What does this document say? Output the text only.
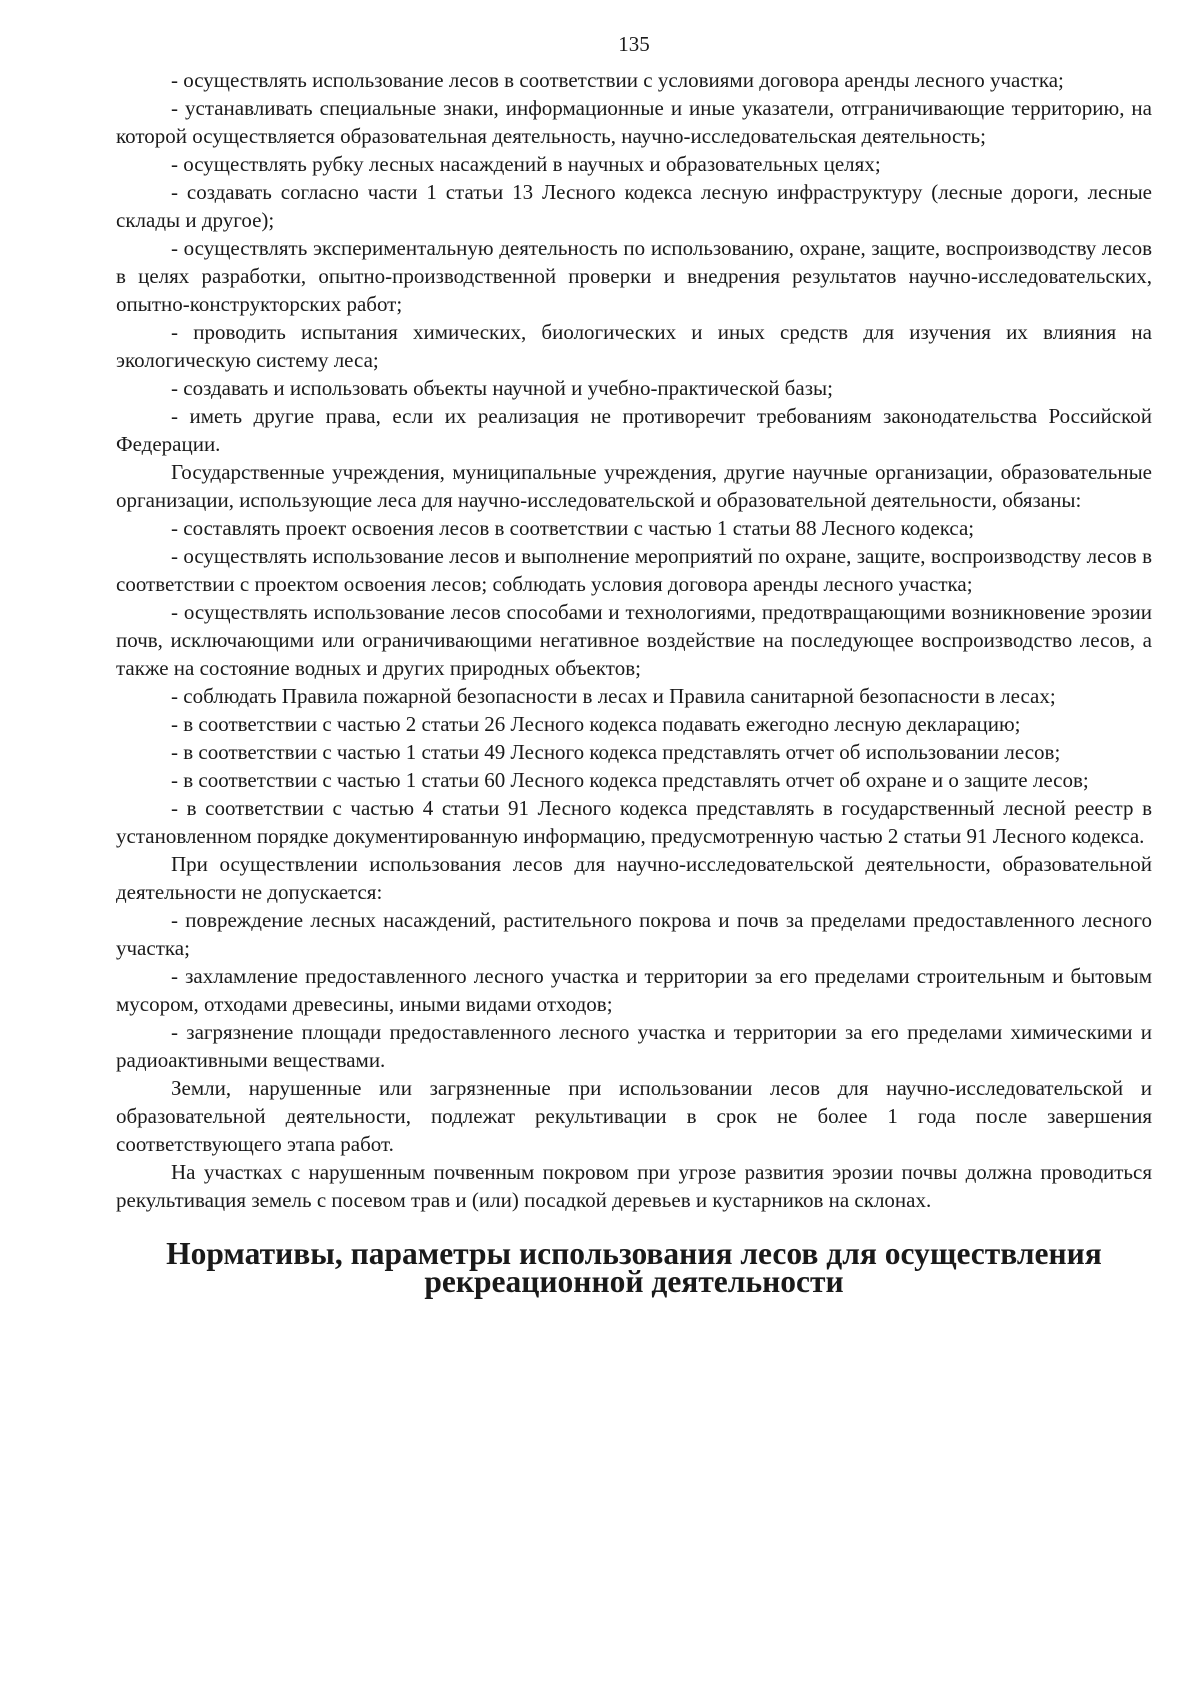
135

- осуществлять использование лесов в соответствии с условиями договора аренды лесного участка;

- устанавливать специальные знаки, информационные и иные указатели, отграничивающие территорию, на которой осуществляется образовательная деятельность, научно-исследовательская деятельность;

- осуществлять рубку лесных насаждений в научных и образовательных целях;

- создавать согласно части 1 статьи 13 Лесного кодекса лесную инфраструктуру (лесные дороги, лесные склады и другое);

- осуществлять экспериментальную деятельность по использованию, охране, защите, воспроизводству лесов в целях разработки, опытно-производственной проверки и внедрения результатов научно-исследовательских, опытно-конструкторских работ;

- проводить испытания химических, биологических и иных средств для изучения их влияния на экологическую систему леса;

- создавать и использовать объекты научной и учебно-практической базы;

- иметь другие права, если их реализация не противоречит требованиям законодательства Российской Федерации.

Государственные учреждения, муниципальные учреждения, другие научные организации, образовательные организации, использующие леса для научно-исследовательской и образовательной деятельности, обязаны:

- составлять проект освоения лесов в соответствии с частью 1 статьи 88 Лесного кодекса;

- осуществлять использование лесов и выполнение мероприятий по охране, защите, воспроизводству лесов в соответствии с проектом освоения лесов; соблюдать условия договора аренды лесного участка;

- осуществлять использование лесов способами и технологиями, предотвращающими возникновение эрозии почв, исключающими или ограничивающими негативное воздействие на последующее воспроизводство лесов, а также на состояние водных и других природных объектов;

- соблюдать Правила пожарной безопасности в лесах и Правила санитарной безопасности в лесах;

- в соответствии с частью 2 статьи 26 Лесного кодекса подавать ежегодно лесную декларацию;

- в соответствии с частью 1 статьи 49 Лесного кодекса представлять отчет об использовании лесов;

- в соответствии с частью 1 статьи 60 Лесного кодекса представлять отчет об охране и о защите лесов;

- в соответствии с частью 4 статьи 91 Лесного кодекса представлять в государственный лесной реестр в установленном порядке документированную информацию, предусмотренную частью 2 статьи 91 Лесного кодекса.

При осуществлении использования лесов для научно-исследовательской деятельности, образовательной деятельности не допускается:

- повреждение лесных насаждений, растительного покрова и почв за пределами предоставленного лесного участка;

- захламление предоставленного лесного участка и территории за его пределами строительным и бытовым мусором, отходами древесины, иными видами отходов;

- загрязнение площади предоставленного лесного участка и территории за его пределами химическими и радиоактивными веществами.

Земли, нарушенные или загрязненные при использовании лесов для научно-исследовательской и образовательной деятельности, подлежат рекультивации в срок не более 1 года после завершения соответствующего этапа работ.

На участках с нарушенным почвенным покровом при угрозе развития эрозии почвы должна проводиться рекультивация земель с посевом трав и (или) посадкой деревьев и кустарников на склонах.

Нормативы, параметры использования лесов для осуществления рекреационной деятельности
